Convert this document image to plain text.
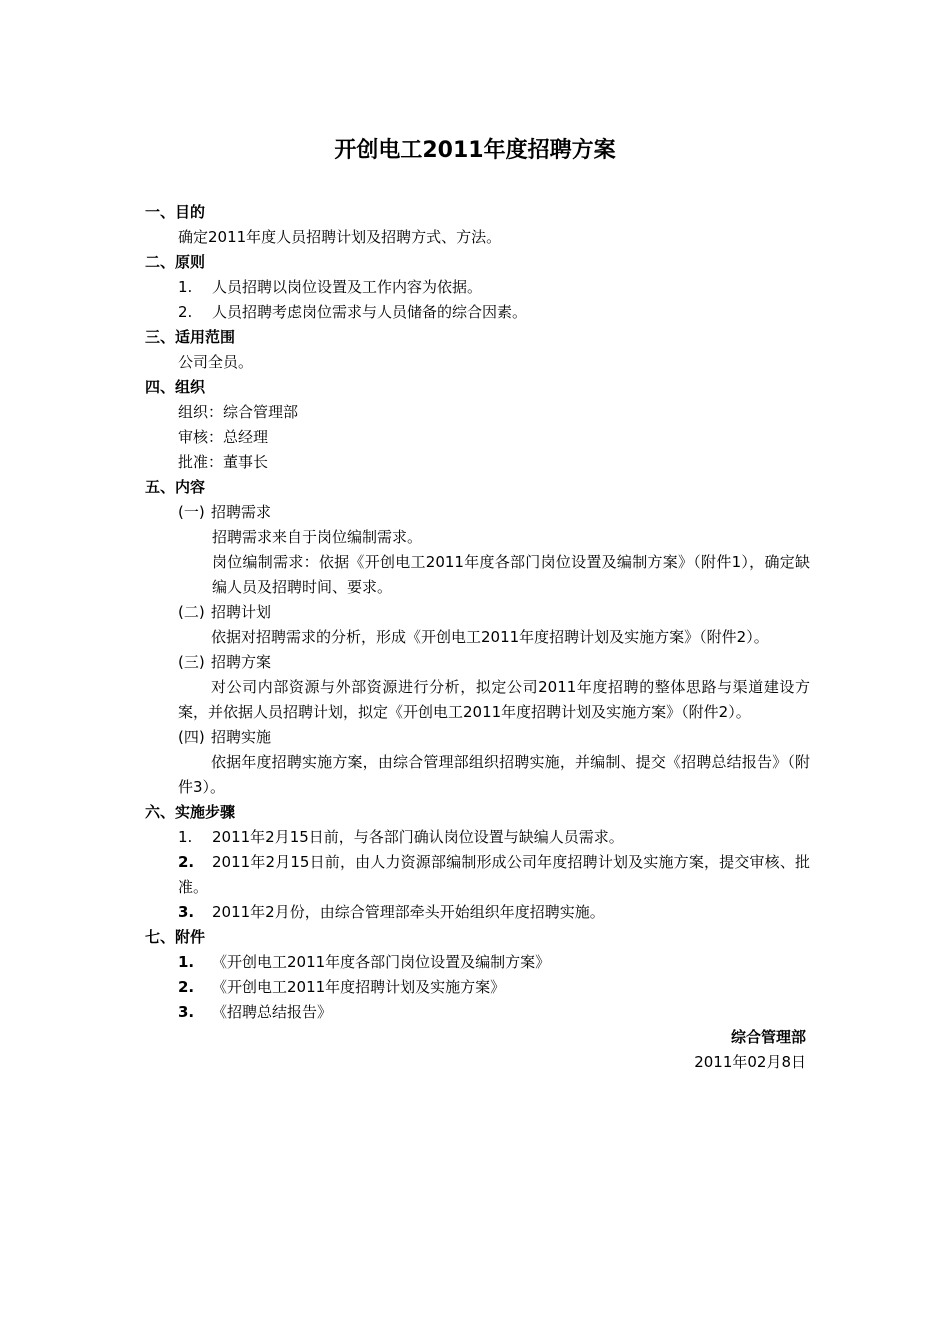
开创电工2011年度招聘方案
一、目的
确定2011年度人员招聘计划及招聘方式、方法。
二、原则
1. 人员招聘以岗位设置及工作内容为依据。
2. 人员招聘考虑岗位需求与人员储备的综合因素。
三、适用范围
公司全员。
四、组织
组织：综合管理部
审核：总经理
批准：董事长
五、内容
(一) 招聘需求
招聘需求来自于岗位编制需求。
岗位编制需求：依据《开创电工2011年度各部门岗位设置及编制方案》（附件1），确定缺编人员及招聘时间、要求。
(二) 招聘计划
依据对招聘需求的分析，形成《开创电工2011年度招聘计划及实施方案》（附件2）。
(三) 招聘方案
对公司内部资源与外部资源进行分析，拟定公司2011年度招聘的整体思路与渠道建设方案，并依据人员招聘计划，拟定《开创电工2011年度招聘计划及实施方案》（附件2）。
(四) 招聘实施
依据年度招聘实施方案，由综合管理部组织招聘实施，并编制、提交《招聘总结报告》（附件3）。
六、实施步骤
1. 2011年2月15日前，与各部门确认岗位设置与缺编人员需求。
2. 2011年2月15日前，由人力资源部编制形成公司年度招聘计划及实施方案，提交审核、批准。
3. 2011年2月份，由综合管理部牵头开始组织年度招聘实施。
七、附件
1. 《开创电工2011年度各部门岗位设置及编制方案》
2. 《开创电工2011年度招聘计划及实施方案》
3. 《招聘总结报告》
综合管理部
2011年02月8日
